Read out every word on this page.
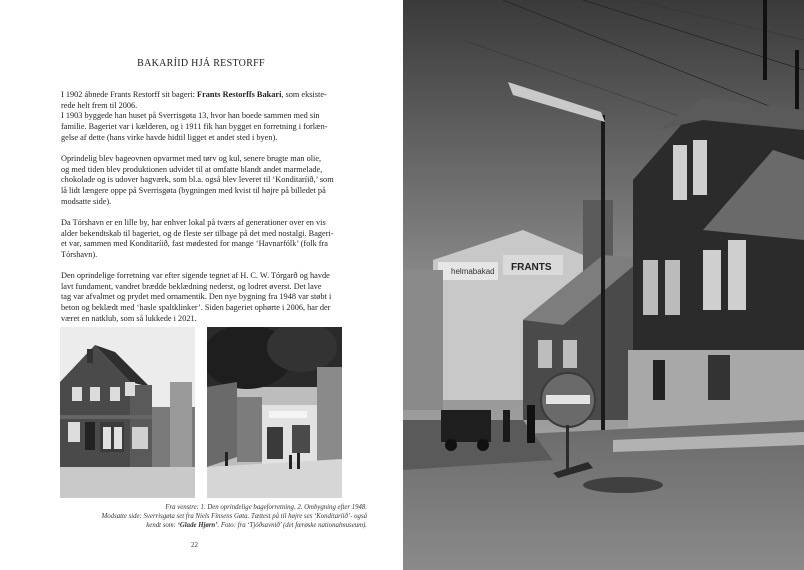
BAKARÍID HJÁ RESTORFF

I 1902 ábnede Frants Restorff sit bageri: Frants Restorffs Bakari, som eksiste-
rede helt frem til 2006.
I 1903 byggede han huset på Sverrisgøta 13, hvor han boede sammen med sin
familie. Bageriet var i kælderen, og i 1911 fik han bygget en forretning i forlæn-
gelse af dette (hans virke havde hidtil ligget et andet sted i byen).

Oprindelig blev bageovnen opvarmet med tørv og kul, senere brugte man olie,
og med tiden blev produktionen udvidet til at omfatte blandt andet marmelade,
chokolade og is udover bagværk, som bl.a. også blev leveret til ‘Konditaríið,’ som
lå lidt længere oppe på Sverrisgøta (bygningen med kvist til højre på billedet på
modsatte side).

Da Tórshavn er en lille by, har enhver lokal på tværs af generationer over en vis
alder bekendtskab til bageriet, og de fleste ser tilbage på det med nostalgi. Bageri-
et var, sammen med Konditaríið, fast mødested for mange ‘Havnarfólk’ (folk fra
Tórshavn).

Den oprindelige forretning var efter sigende tegnet af H. C. W. Tórgarð og havde
lavt fundament, vandret brædde beklædning nederst, og lodret øverst. Det lave
tag var afvalmet og prydet med ornamentik. Den nye bygning fra 1948 var støbt i
beton og beklædt med ‘hasle spaltklinker’. Siden bageriet ophørte i 2006, har der
været en natklub, som så lukkede i 2021.

Fra venstre: 1. Den oprindelige bageforretning, 2. Ombygning efter 1948.
Modsatte side: Sverrisgøta set fra Niels Finsens Gøta. Tættest på til højre ses ‘Konditaríið’- også
kendt som: ‘Glade Hjørn’. Foto: fra ‘Tjóðsavnið’ (det færøske nationalmuseum).
22
helmabakad FRANTS
